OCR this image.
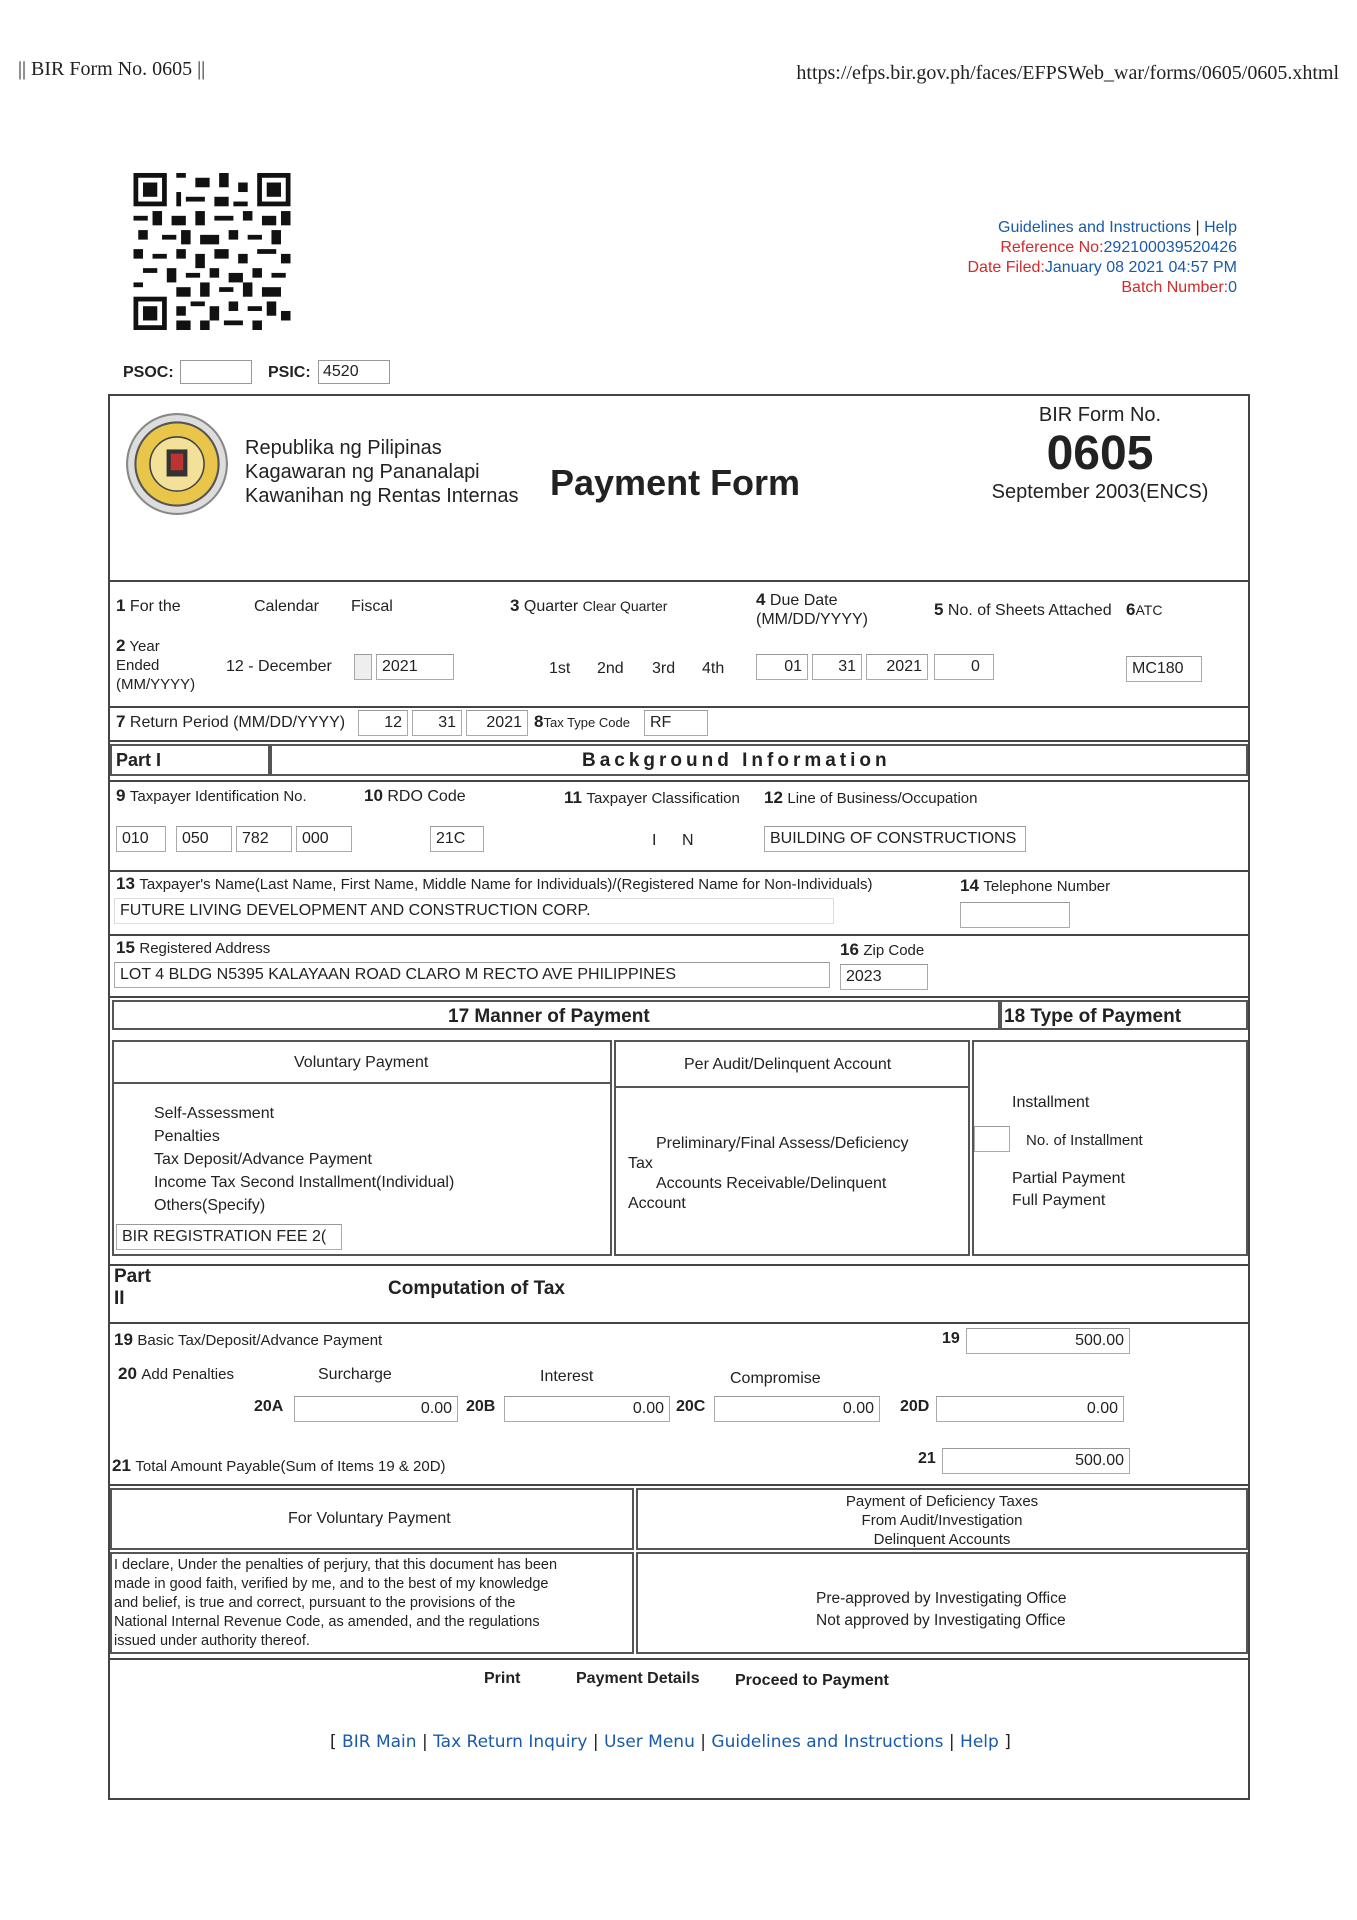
|| BIR Form No. 0605 ||	https://efps.bir.gov.ph/faces/EFPSWeb_war/forms/0605/0605.xhtml
Guidelines and Instructions | Help
Reference No:292100039520426
Date Filed:January 08 2021 04:57 PM
Batch Number:0
PSOC:	PSIC: 4520
Republika ng Pilipinas
Kagawaran ng Pananalapi
Kawanihan ng Rentas Internas Payment Form
BIR Form No.
0605
September 2003(ENCS)
1 For the	Calendar Fiscal
2 Year
Ended
(MM/YYYY)
12 - December	2021
3 Quarter Clear Quarter
1st 2nd 3rd 4th
4 Due Date
(MM/DD/YYYY)
01	31	2021
5 No. of Sheets Attached
0
6ATC
MC180
7 Return Period (MM/DD/YYYY)	12	31	2021 8Tax Type Code	RF
Part I	Background Information
9 Taxpayer Identification No.
010	050	782	000
10 RDO Code
21C
11 Taxpayer Classification
I N
12 Line of Business/Occupation
BUILDING OF CONSTRUCTIONS
13 Taxpayer's Name(Last Name, First Name, Middle Name for Individuals)/(Registered Name for Non-Individuals)
FUTURE LIVING DEVELOPMENT AND CONSTRUCTION CORP.
14 Telephone Number
15 Registered Address
LOT 4 BLDG N5395 KALAYAAN ROAD CLARO M RECTO AVE PHILIPPINES
16 Zip Code
2023
17 Manner of Payment	18 Type of Payment
Voluntary Payment
Self-Assessment
Penalties
Tax Deposit/Advance Payment
Income Tax Second Installment(Individual)
Others(Specify)
BIR REGISTRATION FEE 2(
Per Audit/Delinquent Account
Preliminary/Final Assess/Deficiency
Tax
Accounts Receivable/Delinquent
Account
Installment
No. of Installment
Partial Payment
Full Payment
Part
II	Computation of Tax
19 Basic Tax/Deposit/Advance Payment	19	500.00
20 Add Penalties	Surcharge	Interest	Compromise
20A	0.00 20B	0.00 20C	0.00	20D	0.00
21 Total Amount Payable(Sum of Items 19 & 20D)	21	500.00
For Voluntary Payment
Payment of Deficiency Taxes
From Audit/Investigation
Delinquent Accounts
I declare, Under the penalties of perjury, that this document has been
made in good faith, verified by me, and to the best of my knowledge
and belief, is true and correct, pursuant to the provisions of the
National Internal Revenue Code, as amended, and the regulations
issued under authority thereof.
Pre-approved by Investigating Office
Not approved by Investigating Office
Print	Payment Details Proceed to Payment
[ BIR Main | Tax Return Inquiry | User Menu | Guidelines and Instructions | Help ]
